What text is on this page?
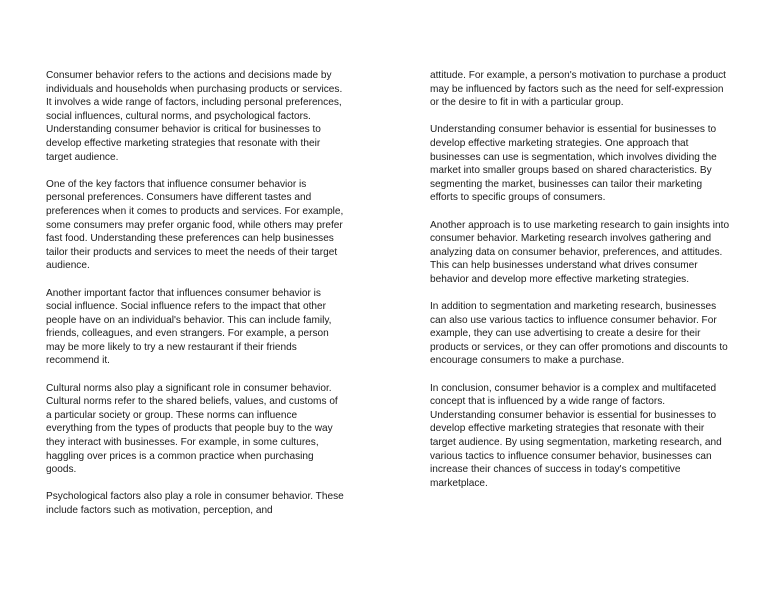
Consumer behavior refers to the actions and decisions made by individuals and households when purchasing products or services. It involves a wide range of factors, including personal preferences, social influences, cultural norms, and psychological factors. Understanding consumer behavior is critical for businesses to develop effective marketing strategies that resonate with their target audience.

One of the key factors that influence consumer behavior is personal preferences. Consumers have different tastes and preferences when it comes to products and services. For example, some consumers may prefer organic food, while others may prefer fast food. Understanding these preferences can help businesses tailor their products and services to meet the needs of their target audience.

Another important factor that influences consumer behavior is social influence. Social influence refers to the impact that other people have on an individual's behavior. This can include family, friends, colleagues, and even strangers. For example, a person may be more likely to try a new restaurant if their friends recommend it.

Cultural norms also play a significant role in consumer behavior. Cultural norms refer to the shared beliefs, values, and customs of a particular society or group. These norms can influence everything from the types of products that people buy to the way they interact with businesses. For example, in some cultures, haggling over prices is a common practice when purchasing goods.

Psychological factors also play a role in consumer behavior. These include factors such as motivation, perception, and

attitude. For example, a person's motivation to purchase a product may be influenced by factors such as the need for self-expression or the desire to fit in with a particular group.

Understanding consumer behavior is essential for businesses to develop effective marketing strategies. One approach that businesses can use is segmentation, which involves dividing the market into smaller groups based on shared characteristics. By segmenting the market, businesses can tailor their marketing efforts to specific groups of consumers.

Another approach is to use marketing research to gain insights into consumer behavior. Marketing research involves gathering and analyzing data on consumer behavior, preferences, and attitudes. This can help businesses understand what drives consumer behavior and develop more effective marketing strategies.

In addition to segmentation and marketing research, businesses can also use various tactics to influence consumer behavior. For example, they can use advertising to create a desire for their products or services, or they can offer promotions and discounts to encourage consumers to make a purchase.

In conclusion, consumer behavior is a complex and multifaceted concept that is influenced by a wide range of factors. Understanding consumer behavior is essential for businesses to develop effective marketing strategies that resonate with their target audience. By using segmentation, marketing research, and various tactics to influence consumer behavior, businesses can increase their chances of success in today's competitive marketplace.
